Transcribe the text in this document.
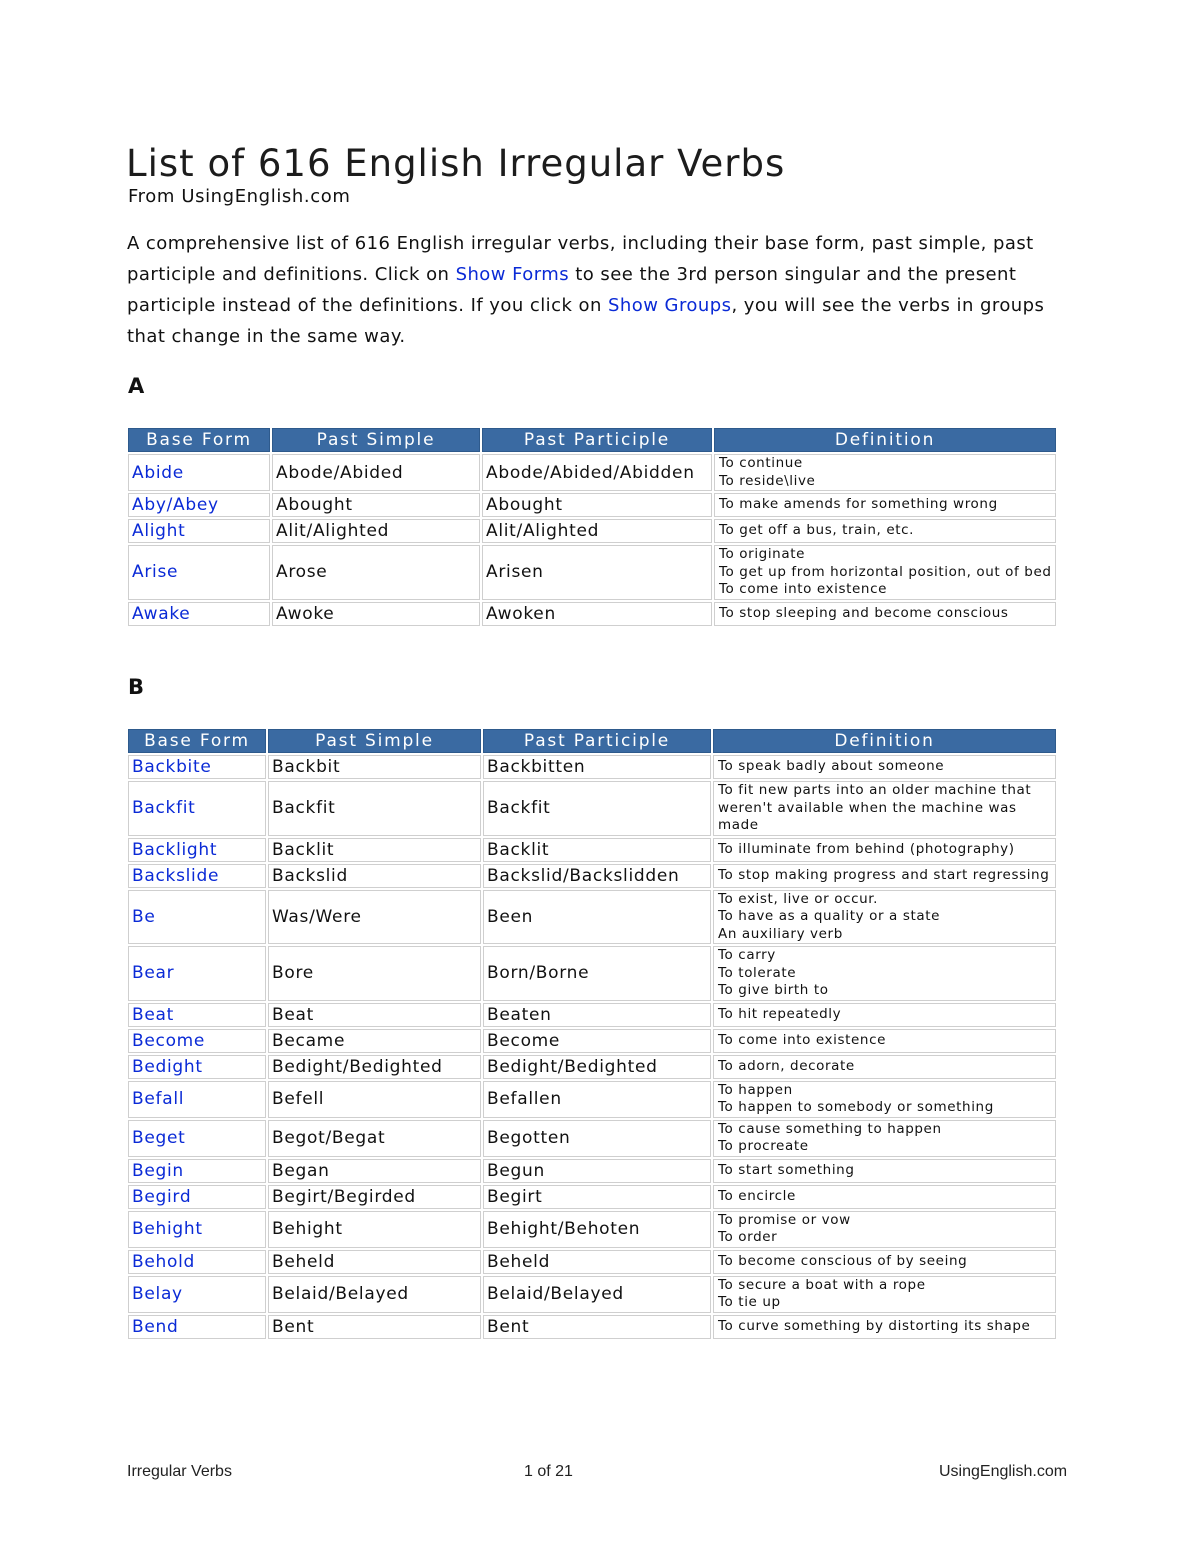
List of 616 English Irregular Verbs
From UsingEnglish.com

A comprehensive list of 616 English irregular verbs, including their base form, past simple, past participle and definitions. Click on Show Forms to see the 3rd person singular and the present participle instead of the definitions. If you click on Show Groups, you will see the verbs in groups that change in the same way.

A
Base Form	Past Simple	Past Participle	Definition
Abide	Abode/Abided	Abode/Abided/Abidden	To continue
To reside\live
Aby/Abey	Abought	Abought	To make amends for something wrong
Alight	Alit/Alighted	Alit/Alighted	To get off a bus, train, etc.
Arise	Arose	Arisen	To originate
To get up from horizontal position, out of bed
To come into existence
Awake	Awoke	Awoken	To stop sleeping and become conscious
B
Base Form	Past Simple	Past Participle	Definition
Backbite	Backbit	Backbitten	To speak badly about someone
Backfit	Backfit	Backfit	To fit new parts into an older machine that weren't available when the machine was made
Backlight	Backlit	Backlit	To illuminate from behind (photography)
Backslide	Backslid	Backslid/Backslidden	To stop making progress and start regressing
Be	Was/Were	Been	To exist, live or occur.
To have as a quality or a state
An auxiliary verb
Bear	Bore	Born/Borne	To carry
To tolerate
To give birth to
Beat	Beat	Beaten	To hit repeatedly
Become	Became	Become	To come into existence
Bedight	Bedight/Bedighted	Bedight/Bedighted	To adorn, decorate
Befall	Befell	Befallen	To happen
To happen to somebody or something
Beget	Begot/Begat	Begotten	To cause something to happen
To procreate
Begin	Began	Begun	To start something
Begird	Begirt/Begirded	Begirt	To encircle
Behight	Behight	Behight/Behoten	To promise or vow
To order
Behold	Beheld	Beheld	To become conscious of by seeing
Belay	Belaid/Belayed	Belaid/Belayed	To secure a boat with a rope
To tie up
Bend	Bent	Bent	To curve something by distorting its shape
Irregular Verbs	1 of 21	UsingEnglish.com
